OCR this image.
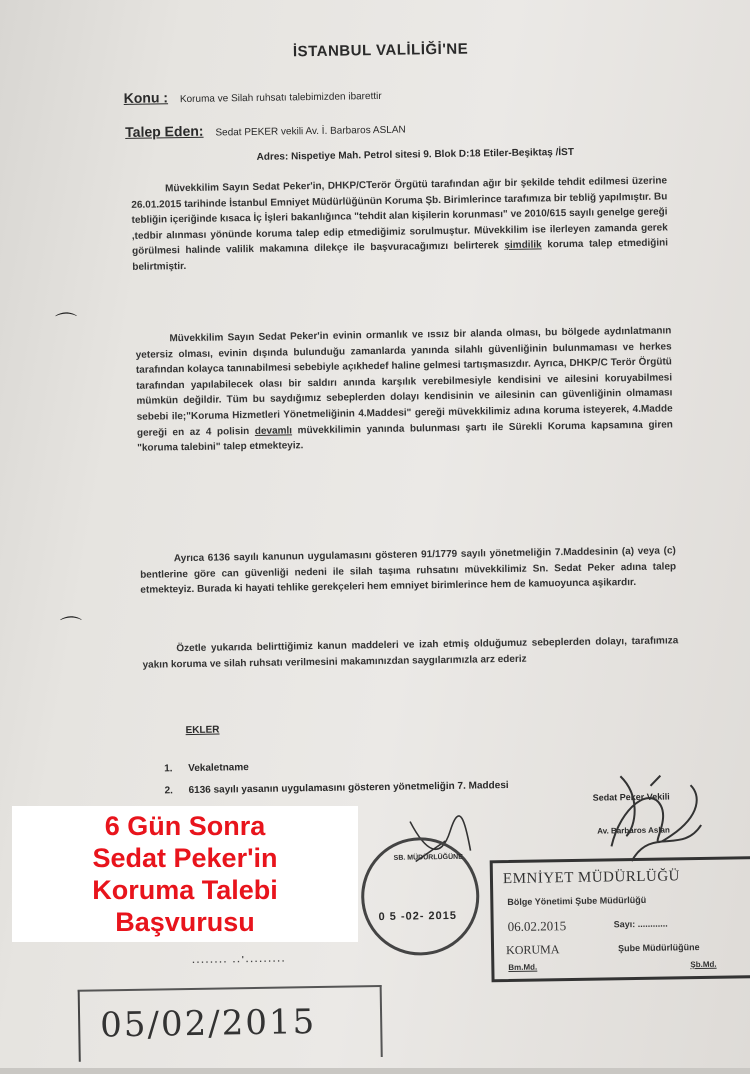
İSTANBUL VALİLİĞİ'NE
Konu : Koruma ve Silah ruhsatı talebimizden ibarettir
Talep Eden: Sedat PEKER vekili Av. İ. Barbaros ASLAN
Adres: Nispetiye Mah. Petrol sitesi 9. Blok D:18 Etiler-Beşiktaş /İST
Müvekkilim Sayın Sedat Peker'in, DHKP/CTerör Örgütü tarafından ağır bir şekilde tehdit edilmesi üzerine 26.01.2015 tarihinde İstanbul Emniyet Müdürlüğünün Koruma Şb. Birimlerince tarafımıza bir tebliğ yapılmıştır. Bu tebliğin içeriğinde kısaca İç İşleri bakanlığınca "tehdit alan kişilerin korunması" ve 2010/615 sayılı genelge gereği ,tedbir alınması yönünde koruma talep edip etmediğimiz sorulmuştur. Müvekkilim ise ilerleyen zamanda gerek görülmesi halinde valilik makamına dilekçe ile başvuracağımızı belirterek şimdilik koruma talep etmediğini belirtmiştir.
Müvekkilim Sayın Sedat Peker'in evinin ormanlık ve ıssız bir alanda olması, bu bölgede aydınlatmanın yetersiz olması, evinin dışında bulunduğu zamanlarda yanında silahlı güvenliğinin bulunmaması ve herkes tarafından kolayca tanınabilmesi sebebiyle açıkhedef haline gelmesi tartışmasızdır. Ayrıca, DHKP/C Terör Örgütü tarafından yapılabilecek olası bir saldırı anında karşılık verebilmesiyle kendisini ve ailesini koruyabilmesi mümkün değildir. Tüm bu saydığımız sebeplerden dolayı kendisinin ve ailesinin can güvenliğinin olmaması sebebi ile;"Koruma Hizmetleri Yönetmeliğinin 4.Maddesi" gereği müvekkilimiz adına koruma isteyerek, 4.Madde gereği en az 4 polisin devamlı müvekkilimin yanında bulunması şartı ile Sürekli Koruma kapsamına giren "koruma talebini" talep etmekteyiz.
Ayrıca 6136 sayılı kanunun uygulamasını gösteren 91/1779 sayılı yönetmeliğin 7.Maddesinin (a) veya (c) bentlerine göre can güvenliği nedeni ile silah taşıma ruhsatını müvekkilimiz Sn. Sedat Peker adına talep etmekteyiz. Burada ki hayati tehlike gerekçeleri hem emniyet birimlerince hem de kamuoyunca aşikardır.
Özetle yukarıda belirttiğimiz kanun maddeleri ve izah etmiş olduğumuz sebeplerden dolayı, tarafımıza yakın koruma ve silah ruhsatı verilmesini makamınızdan saygılarımızla arz ederiz
EKLER
1. Vekaletname
2. 6136 sayılı yasanın uygulamasını gösteren yönetmeliğin 7. Maddesi
Sedat Peker Vekili
Av. Barbaros Aslan
SB. MÜDÜRLÜĞÜNE
0 5 -02- 2015
EMNİYET MÜDÜRLÜĞÜ
Bölge Yönetimi Şube Müdürlüğü
06.02.2015	Sayı: ............
KORUMA	Şube Müdürlüğüne
Bm.Md.	Şb.Md.
........ ..'.........
05/02/2015
⌒
⌒
6 Gün Sonra
Sedat Peker'in
Koruma Talebi
Başvurusu
